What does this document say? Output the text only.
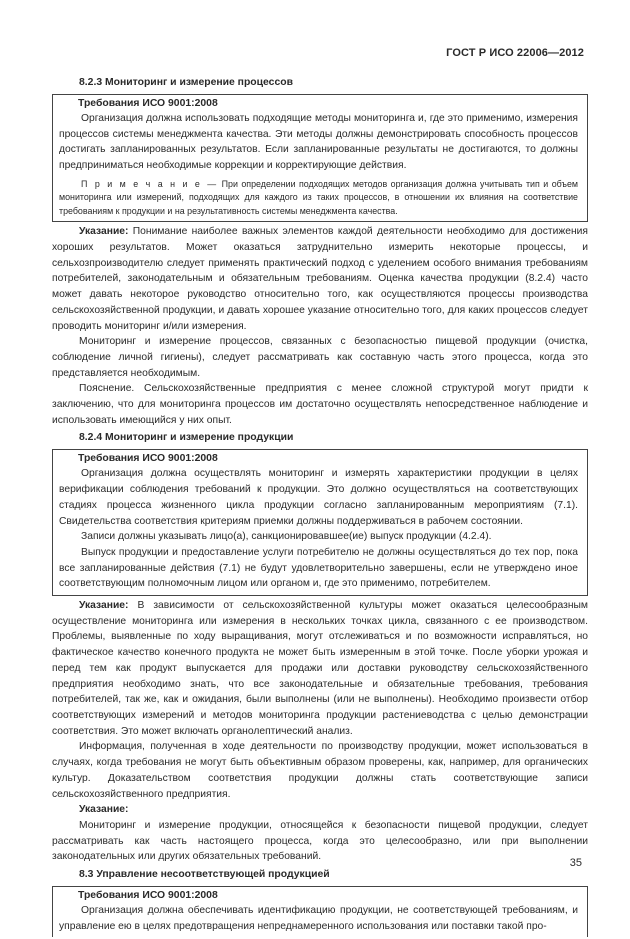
ГОСТ Р ИСО 22006—2012
8.2.3 Мониторинг и измерение процессов
Требования ИСО 9001:2008

Организация должна использовать подходящие методы мониторинга и, где это применимо, измерения процессов системы менеджмента качества. Эти методы должны демонстрировать способность процессов достигать запланированных результатов. Если запланированные результаты не достигаются, то должны предприниматься необходимые коррекции и корректирующие действия.

П р и м е ч а н и е — При определении подходящих методов организация должна учитывать тип и объем мониторинга или измерений, подходящих для каждого из таких процессов, в отношении их влияния на соответствие требованиям к продукции и на результативность системы менеджмента качества.

Указание: Понимание наиболее важных элементов каждой деятельности необходимо для достижения хороших результатов. Может оказаться затруднительно измерить некоторые процессы, и сельхозпроизводителю следует применять практический подход с уделением особого внимания требованиям потребителей, законодательным и обязательным требованиям. Оценка качества продукции (8.2.4) часто может давать некоторое руководство относительно того, как осуществляются процессы производства сельскохозяйственной продукции, и давать хорошее указание относительно того, для каких процессов следует проводить мониторинг и/или измерения.

Мониторинг и измерение процессов, связанных с безопасностью пищевой продукции (очистка, соблюдение личной гигиены), следует рассматривать как составную часть этого процесса, когда это представляется необходимым.

Пояснение. Сельскохозяйственные предприятия с менее сложной структурой могут придти к заключению, что для мониторинга процессов им достаточно осуществлять непосредственное наблюдение и использовать имеющийся у них опыт.

8.2.4 Мониторинг и измерение продукции
Требования ИСО 9001:2008

Организация должна осуществлять мониторинг и измерять характеристики продукции в целях верификации соблюдения требований к продукции. Это должно осуществляться на соответствующих стадиях процесса жизненного цикла продукции согласно запланированным мероприятиям (7.1). Свидетельства соответствия критериям приемки должны поддерживаться в рабочем состоянии.

Записи должны указывать лицо(а), санкционировавшее(ие) выпуск продукции (4.2.4).

Выпуск продукции и предоставление услуги потребителю не должны осуществляться до тех пор, пока все запланированные действия (7.1) не будут удовлетворительно завершены, если не утверждено иное соответствующим полномочным лицом или органом и, где это применимо, потребителем.

Указание: В зависимости от сельскохозяйственной культуры может оказаться целесообразным осуществление мониторинга или измерения в нескольких точках цикла, связанного с ее производством. Проблемы, выявленные по ходу выращивания, могут отслеживаться и по возможности исправляться, но фактическое качество конечного продукта не может быть измеренным в этой точке. После уборки урожая и перед тем как продукт выпускается для продажи или доставки руководству сельскохозяйственного предприятия необходимо знать, что все законодательные и обязательные требования, требования потребителей, так же, как и ожидания, были выполнены (или не выполнены). Необходимо произвести отбор соответствующих измерений и методов мониторинга продукции растениеводства с целью демонстрации соответствия. Это может включать органолептический анализ.

Информация, полученная в ходе деятельности по производству продукции, может использоваться в случаях, когда требования не могут быть объективным образом проверены, как, например, для органических культур. Доказательством соответствия продукции должны стать соответствующие записи сельскохозяйственного предприятия.

Указание:

Мониторинг и измерение продукции, относящейся к безопасности пищевой продукции, следует рассматривать как часть настоящего процесса, когда это целесообразно, или при выполнении законодательных или других обязательных требований.

8.3 Управление несоответствующей продукцией
Требования ИСО 9001:2008

Организация должна обеспечивать идентификацию продукции, не соответствующей требованиям, и управление ею в целях предотвращения непреднамеренного использования или поставки такой про-

35
